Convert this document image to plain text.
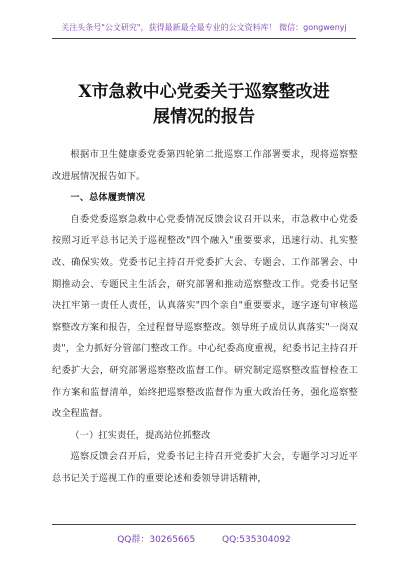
关注头条号"公文研究"，获得最新最全最专业的公文资料库！ 微信：gongwenyj
X市急救中心党委关于巡察整改进展情况的报告

根据市卫生健康委党委第四轮第二批巡察工作部署要求，现将巡察整改进展情况报告如下。

一、总体履责情况

自委党委巡察急救中心党委情况反馈会议召开以来，市急救中心党委按照习近平总书记关于巡视整改"四个融入"重要要求，迅速行动、扎实整改、确保实效。党委书记主持召开党委扩大会、专题会、工作部署会、中期推动会、专题民主生活会，研究部署和推动巡察整改工作。党委书记坚决扛牢第一责任人责任，认真落实"四个亲自"重要要求，逐字逐句审核巡察整改方案和报告，全过程督导巡察整改。领导班子成员认真落实"一岗双责"，全力抓好分管部门整改工作。中心纪委高度重视，纪委书记主持召开纪委扩大会，研究部署巡察整改监督工作。研究制定巡察整改监督检查工作方案和监督清单，始终把巡察整改监督作为重大政治任务，强化巡察整改全程监督。

（一）扛实责任，提高站位抓整改

巡察反馈会召开后，党委书记主持召开党委扩大会，专题学习习近平总书记关于巡视工作的重要论述和委领导讲话精神，

QQ群：30265665	QQ:535304092
